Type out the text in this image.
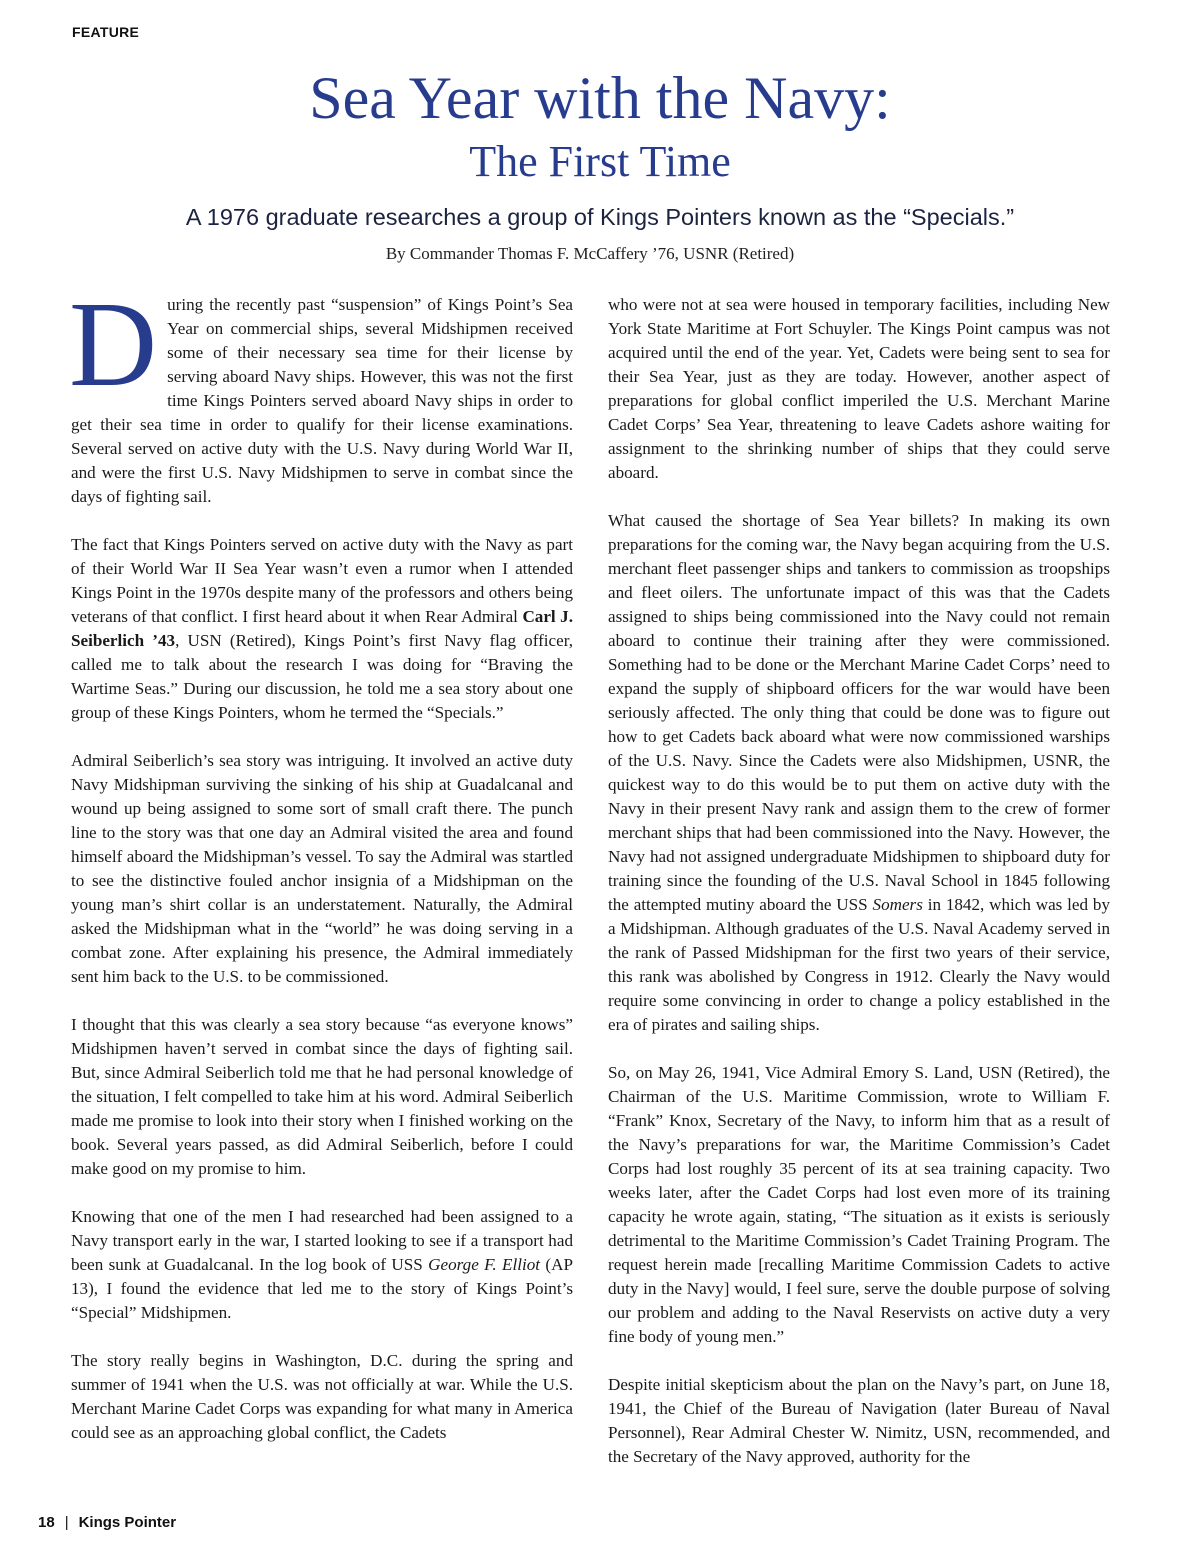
FEATURE
Sea Year with the Navy:
The First Time
A 1976 graduate researches a group of Kings Pointers known as the “Specials.”
By Commander Thomas F. McCaffery ’76, USNR (Retired)

During the recently past “suspension” of Kings Point’s Sea Year on commercial ships, several Midshipmen received some of their necessary sea time for their license by serving aboard Navy ships. However, this was not the first time Kings Pointers served aboard Navy ships in order to get their sea time in order to qualify for their license examinations. Several served on active duty with the U.S. Navy during World War II, and were the first U.S. Navy Midshipmen to serve in combat since the days of fighting sail.

The fact that Kings Pointers served on active duty with the Navy as part of their World War II Sea Year wasn’t even a rumor when I attended Kings Point in the 1970s despite many of the professors and others being veterans of that conflict. I first heard about it when Rear Admiral Carl J. Seiberlich ’43, USN (Retired), Kings Point’s first Navy flag officer, called me to talk about the research I was doing for “Braving the Wartime Seas.” During our discussion, he told me a sea story about one group of these Kings Pointers, whom he termed the “Specials.”

Admiral Seiberlich’s sea story was intriguing. It involved an active duty Navy Midshipman surviving the sinking of his ship at Guadalcanal and wound up being assigned to some sort of small craft there. The punch line to the story was that one day an Admiral visited the area and found himself aboard the Midshipman’s vessel. To say the Admiral was startled to see the distinctive fouled anchor insignia of a Midshipman on the young man’s shirt collar is an understatement. Naturally, the Admiral asked the Midshipman what in the “world” he was doing serving in a combat zone. After explaining his presence, the Admiral immediately sent him back to the U.S. to be commissioned.

I thought that this was clearly a sea story because “as everyone knows” Midshipmen haven’t served in combat since the days of fighting sail. But, since Admiral Seiberlich told me that he had personal knowledge of the situation, I felt compelled to take him at his word. Admiral Seiberlich made me promise to look into their story when I finished working on the book. Several years passed, as did Admiral Seiberlich, before I could make good on my promise to him.

Knowing that one of the men I had researched had been assigned to a Navy transport early in the war, I started looking to see if a transport had been sunk at Guadalcanal. In the log book of USS George F. Elliot (AP 13), I found the evidence that led me to the story of Kings Point’s “Special” Midshipmen.

The story really begins in Washington, D.C. during the spring and summer of 1941 when the U.S. was not officially at war. While the U.S. Merchant Marine Cadet Corps was expanding for what many in America could see as an approaching global conflict, the Cadets

who were not at sea were housed in temporary facilities, including New York State Maritime at Fort Schuyler. The Kings Point campus was not acquired until the end of the year. Yet, Cadets were being sent to sea for their Sea Year, just as they are today. However, another aspect of preparations for global conflict imperiled the U.S. Merchant Marine Cadet Corps’ Sea Year, threatening to leave Cadets ashore waiting for assignment to the shrinking number of ships that they could serve aboard.

What caused the shortage of Sea Year billets? In making its own preparations for the coming war, the Navy began acquiring from the U.S. merchant fleet passenger ships and tankers to commission as troopships and fleet oilers. The unfortunate impact of this was that the Cadets assigned to ships being commissioned into the Navy could not remain aboard to continue their training after they were commissioned. Something had to be done or the Merchant Marine Cadet Corps’ need to expand the supply of shipboard officers for the war would have been seriously affected. The only thing that could be done was to figure out how to get Cadets back aboard what were now commissioned warships of the U.S. Navy. Since the Cadets were also Midshipmen, USNR, the quickest way to do this would be to put them on active duty with the Navy in their present Navy rank and assign them to the crew of former merchant ships that had been commissioned into the Navy. However, the Navy had not assigned undergraduate Midshipmen to shipboard duty for training since the founding of the U.S. Naval School in 1845 following the attempted mutiny aboard the USS Somers in 1842, which was led by a Midshipman. Although graduates of the U.S. Naval Academy served in the rank of Passed Midshipman for the first two years of their service, this rank was abolished by Congress in 1912. Clearly the Navy would require some convincing in order to change a policy established in the era of pirates and sailing ships.

So, on May 26, 1941, Vice Admiral Emory S. Land, USN (Retired), the Chairman of the U.S. Maritime Commission, wrote to William F. “Frank” Knox, Secretary of the Navy, to inform him that as a result of the Navy’s preparations for war, the Maritime Commission’s Cadet Corps had lost roughly 35 percent of its at sea training capacity. Two weeks later, after the Cadet Corps had lost even more of its training capacity he wrote again, stating, “The situation as it exists is seriously detrimental to the Maritime Commission’s Cadet Training Program. The request herein made [recalling Maritime Commission Cadets to active duty in the Navy] would, I feel sure, serve the double purpose of solving our problem and adding to the Naval Reservists on active duty a very fine body of young men.”

Despite initial skepticism about the plan on the Navy’s part, on June 18, 1941, the Chief of the Bureau of Navigation (later Bureau of Naval Personnel), Rear Admiral Chester W. Nimitz, USN, recommended, and the Secretary of the Navy approved, authority for the

18 | Kings Pointer
